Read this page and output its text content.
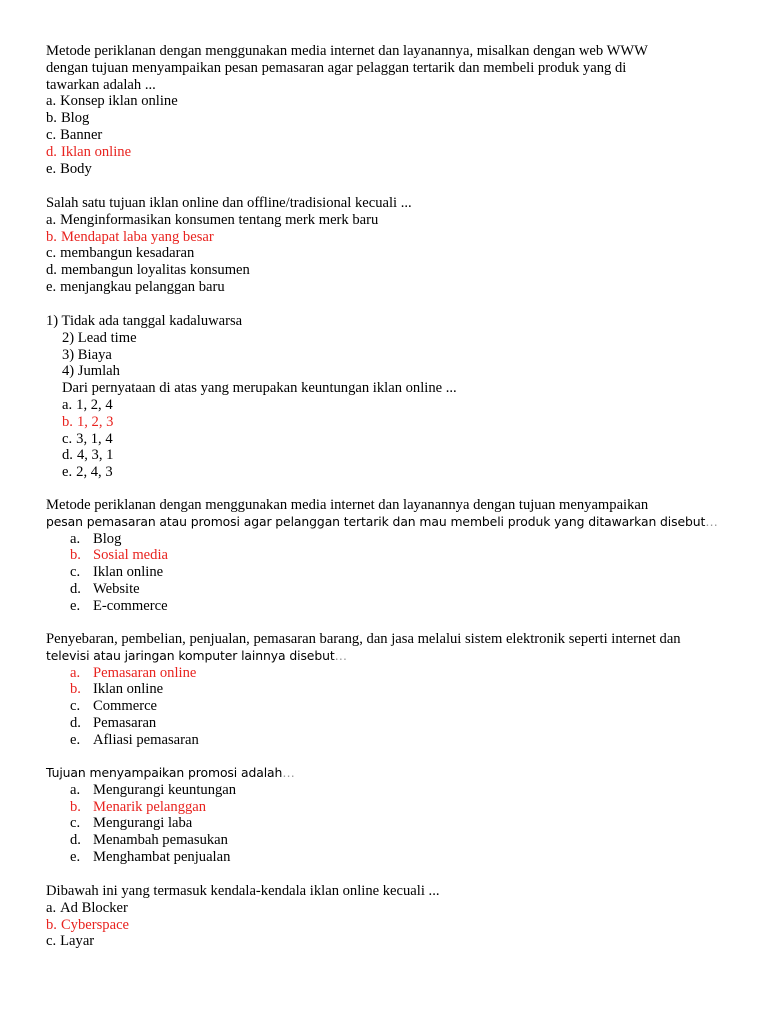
Metode periklanan dengan menggunakan media internet dan layanannya, misalkan dengan web WWW
dengan tujuan menyampaikan pesan pemasaran agar pelaggan tertarik dan membeli produk yang di
tawarkan adalah ...
a. Konsep iklan online
b. Blog
c. Banner
d. Iklan online
e. Body
Salah satu tujuan iklan online dan offline/tradisional kecuali ...
a. Menginformasikan konsumen tentang merk merk baru
b. Mendapat laba yang besar
c. membangun kesadaran
d. membangun loyalitas konsumen
e. menjangkau pelanggan baru
1) Tidak ada tanggal kadaluwarsa
2) Lead time
3) Biaya
4) Jumlah
Dari pernyataan di atas yang merupakan keuntungan iklan online ...
a. 1, 2, 4
b. 1, 2, 3
c. 3, 1, 4
d. 4, 3, 1
e. 2, 4, 3
Metode periklanan dengan menggunakan media internet dan layanannya dengan tujuan menyampaikan
pesan pemasaran atau promosi agar pelanggan tertarik dan mau membeli produk yang ditawarkan disebut…
a. Blog
b. Sosial media
c. Iklan online
d. Website
e. E-commerce
Penyebaran, pembelian, penjualan, pemasaran barang, dan jasa melalui sistem elektronik seperti internet dan
televisi atau jaringan komputer lainnya disebut…
a. Pemasaran online
b. Iklan online
c. Commerce
d. Pemasaran
e. Afliasi pemasaran
Tujuan menyampaikan promosi adalah…
a. Mengurangi keuntungan
b. Menarik pelanggan
c. Mengurangi laba
d. Menambah pemasukan
e. Menghambat penjualan
Dibawah ini yang termasuk kendala-kendala iklan online kecuali ...
a. Ad Blocker
b. Cyberspace
c. Layar
